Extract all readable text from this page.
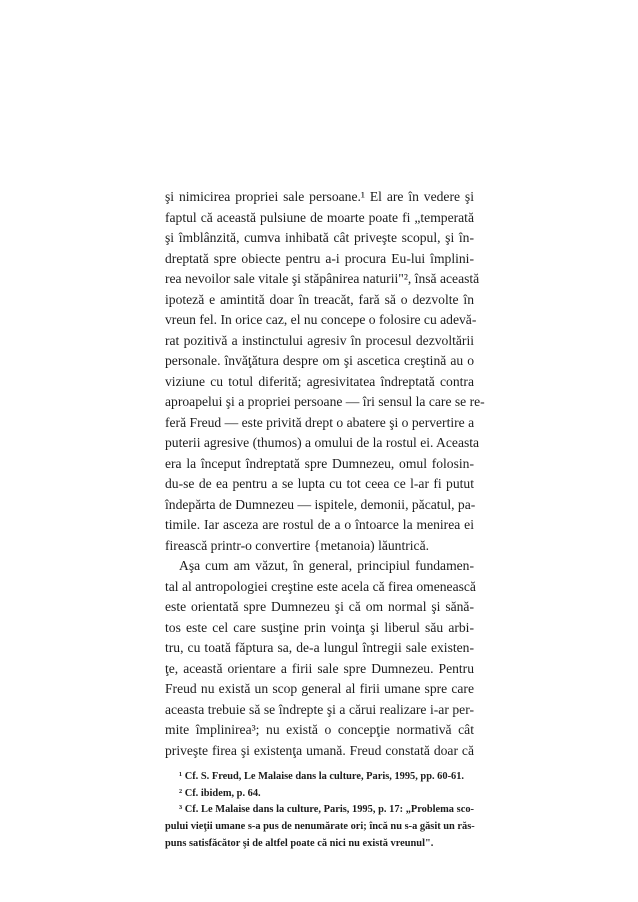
şi nimicirea propriei sale persoane.¹ El are în vedere şi
faptul că această pulsiune de moarte poate fi „temperată
şi îmblânzită, cumva inhibată cât priveşte scopul, şi în-
dreptată spre obiecte pentru a-i procura Eu-lui împlini-
rea nevoilor sale vitale şi stăpânirea naturii"², însă această
ipoteză e amintită doar în treacăt, fară să o dezvolte în
vreun fel. In orice caz, el nu concepe o folosire cu adevă-
rat pozitivă a instinctului agresiv în procesul dezvoltării
personale. învăţătura despre om şi ascetica creştină au o
viziune cu totul diferită; agresivitatea îndreptată contra
aproapelui şi a propriei persoane — îri sensul la care se re-
feră Freud — este privită drept o abatere şi o pervertire a
puterii agresive (thumos) a omului de la rostul ei. Aceasta
era la început îndreptată spre Dumnezeu, omul folosin-
du-se de ea pentru a se lupta cu tot ceea ce l-ar fi putut
îndepărta de Dumnezeu — ispitele, demonii, păcatul, pa-
timile. Iar asceza are rostul de a o întoarce la menirea ei
firească printr-o convertire {metanoia) lăuntrică.
Aşa cum am văzut, în general, principiul fundamen-
tal al antropologiei creştine este acela că firea omenească
este orientată spre Dumnezeu şi că om normal şi sănă-
tos este cel care susţine prin voinţa şi liberul său arbi-
tru, cu toată făptura sa, de-a lungul întregii sale existen-
ţe, această orientare a firii sale spre Dumnezeu. Pentru
Freud nu există un scop general al firii umane spre care
aceasta trebuie să se îndrepte şi a cărui realizare i-ar per-
mite împlinirea³; nu există o concepţie normativă cât
priveşte firea şi existenţa umană. Freud constată doar că
¹ Cf. S. Freud, Le Malaise dans la culture, Paris, 1995, pp. 60-61.
² Cf. ibidem, p. 64.
³ Cf. Le Malaise dans la culture, Paris, 1995, p. 17: „Problema sco-
pului vieţii umane s-a pus de nenumărate ori; încă nu s-a găsit un răs-
puns satisfăcător şi de altfel poate că nici nu există vreunul".
